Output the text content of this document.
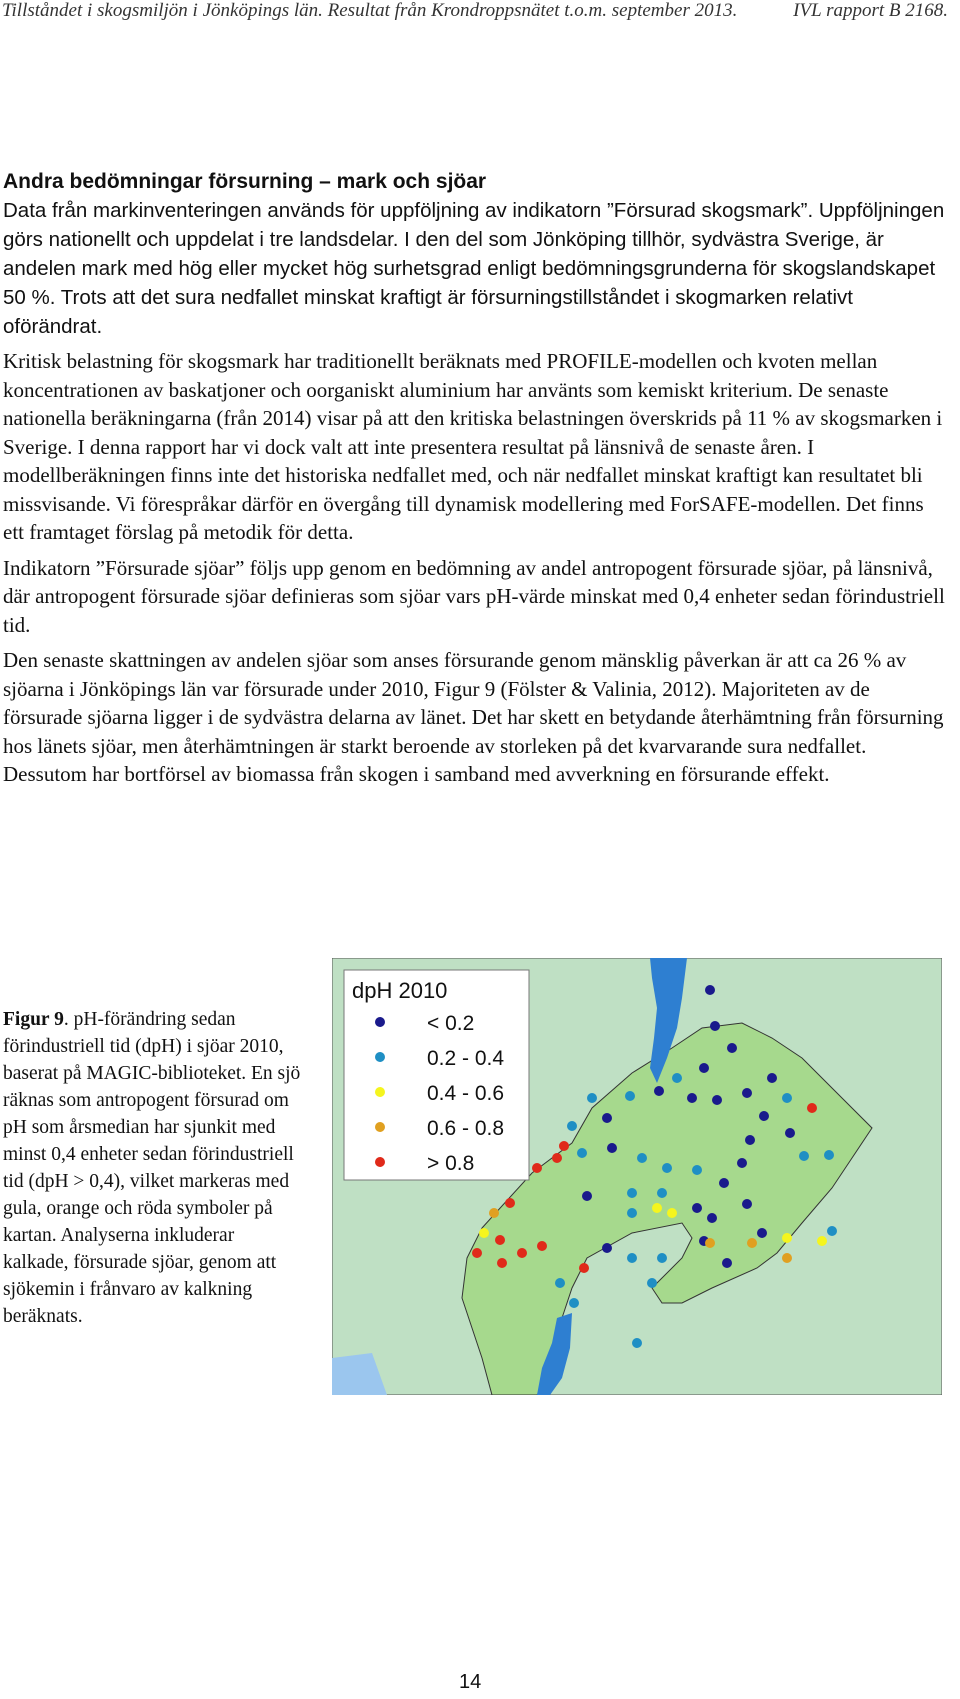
Tillståndet i skogsmiljön i Jönköpings län. Resultat från Krondroppsnätet t.o.m. september 2013.	IVL rapport B 2168.
Andra bedömningar försurning – mark och sjöar

Data från markinventeringen används för uppföljning av indikatorn ”Försurad skogsmark”. Uppföljningen görs nationellt och uppdelat i tre landsdelar. I den del som Jönköping tillhör, sydvästra Sverige, är andelen mark med hög eller mycket hög surhetsgrad enligt bedömningsgrunderna för skogslandskapet 50 %. Trots att det sura nedfallet minskat kraftigt är försurningstillståndet i skogmarken relativt oförändrat.

Kritisk belastning för skogsmark har traditionellt beräknats med PROFILE-modellen och kvoten mellan koncentrationen av baskatjoner och oorganiskt aluminium har använts som kemiskt kriterium. De senaste nationella beräkningarna (från 2014) visar på att den kritiska belastningen överskrids på 11 % av skogsmarken i Sverige. I denna rapport har vi dock valt att inte presentera resultat på länsnivå de senaste åren. I modellberäkningen finns inte det historiska nedfallet med, och när nedfallet minskat kraftigt kan resultatet bli missvisande. Vi förespråkar därför en övergång till dynamisk modellering med ForSAFE-modellen. Det finns ett framtaget förslag på metodik för detta.

Indikatorn ”Försurade sjöar” följs upp genom en bedömning av andel antropogent försurade sjöar, på länsnivå, där antropogent försurade sjöar definieras som sjöar vars pH-värde minskat med 0,4 enheter sedan förindustriell tid.

Den senaste skattningen av andelen sjöar som anses försurande genom mänsklig påverkan är att ca 26 % av sjöarna i Jönköpings län var försurade under 2010, Figur 9 (Fölster & Valinia, 2012). Majoriteten av de försurade sjöarna ligger i de sydvästra delarna av länet. Det har skett en betydande återhämtning från försurning hos länets sjöar, men återhämtningen är starkt beroende av storleken på det kvarvarande sura nedfallet. Dessutom har bortförsel av biomassa från skogen i samband med avverkning en försurande effekt.

Figur 9. pH-förändring sedan förindustriell tid (dpH) i sjöar 2010, baserat på MAGIC-biblioteket. En sjö räknas som antropogent försurad om pH som årsmedian har sjunkit med minst 0,4 enheter sedan förindustriell tid (dpH > 0,4), vilket markeras med gula, orange och röda symboler på kartan. Analyserna inkluderar kalkade, försurade sjöar, genom att sjökemin i frånvaro av kalkning beräknats.
dpH 2010
< 0.2
0.2 - 0.4
0.4 - 0.6
0.6 - 0.8
> 0.8
14
